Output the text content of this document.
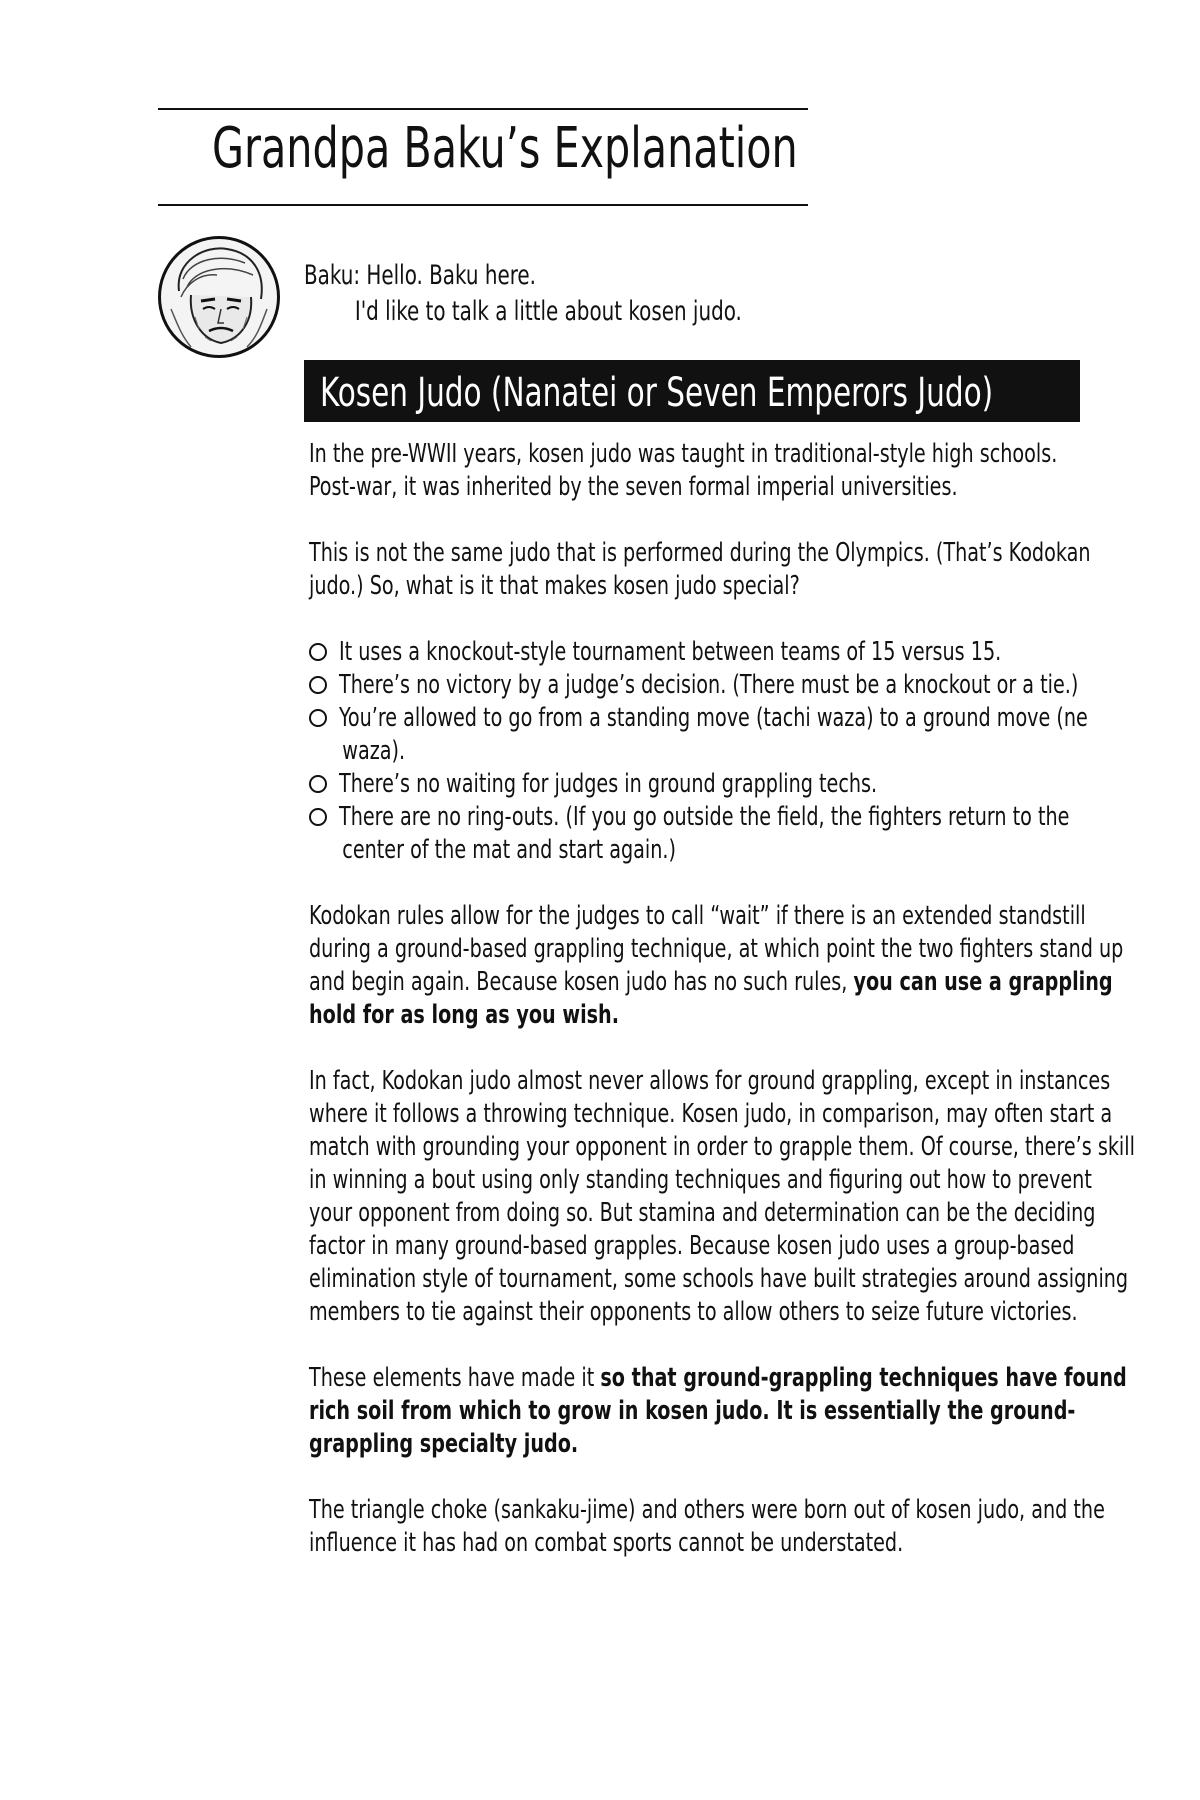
Grandpa Baku’s Explanation
Baku: Hello. Baku here.
I'd like to talk a little about kosen judo.
Kosen Judo (Nanatei or Seven Emperors Judo)
In the pre-WWII years, kosen judo was taught in traditional-style high schools.
Post-war, it was inherited by the seven formal imperial universities.
This is not the same judo that is performed during the Olympics. (That’s Kodokan
judo.) So, what is it that makes kosen judo special?
It uses a knockout-style tournament between teams of 15 versus 15.
There’s no victory by a judge’s decision. (There must be a knockout or a tie.)
You’re allowed to go from a standing move (tachi waza) to a ground move (ne
waza).
There’s no waiting for judges in ground grappling techs.
There are no ring-outs. (If you go outside the field, the fighters return to the
center of the mat and start again.)
Kodokan rules allow for the judges to call “wait” if there is an extended standstill
during a ground-based grappling technique, at which point the two fighters stand up
and begin again. Because kosen judo has no such rules, you can use a grappling
hold for as long as you wish.
In fact, Kodokan judo almost never allows for ground grappling, except in instances
where it follows a throwing technique. Kosen judo, in comparison, may often start a
match with grounding your opponent in order to grapple them. Of course, there’s skill
in winning a bout using only standing techniques and figuring out how to prevent
your opponent from doing so. But stamina and determination can be the deciding
factor in many ground-based grapples. Because kosen judo uses a group-based
elimination style of tournament, some schools have built strategies around assigning
members to tie against their opponents to allow others to seize future victories.
These elements have made it so that ground-grappling techniques have found
rich soil from which to grow in kosen judo. It is essentially the ground-
grappling specialty judo.
The triangle choke (sankaku-jime) and others were born out of kosen judo, and the
influence it has had on combat sports cannot be understated.
